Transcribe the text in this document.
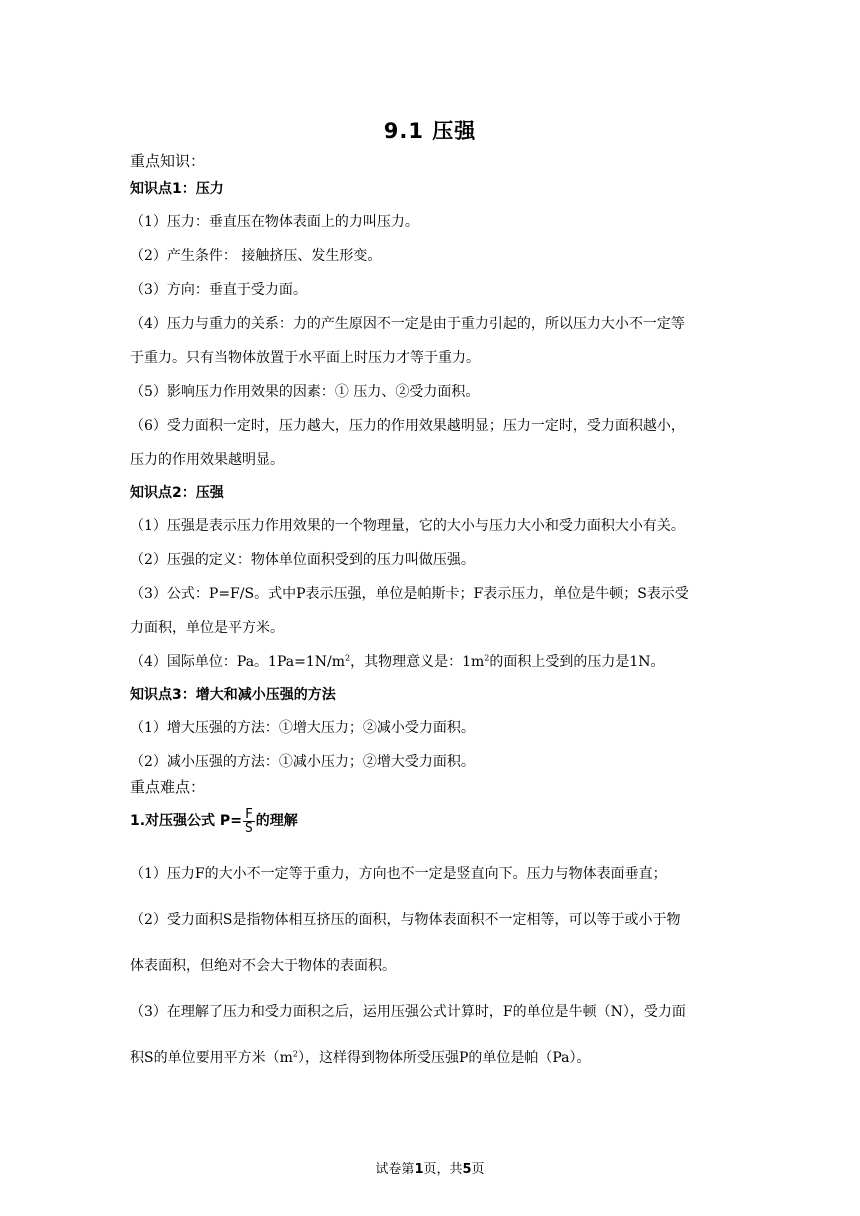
9.1 压强
重点知识：
知识点1：压力
（1）压力：垂直压在物体表面上的力叫压力。
（2）产生条件： 接触挤压、发生形变。
（3）方向：垂直于受力面。
（4）压力与重力的关系：力的产生原因不一定是由于重力引起的，所以压力大小不一定等
于重力。只有当物体放置于水平面上时压力才等于重力。
（5）影响压力作用效果的因素：① 压力、②受力面积。
（6）受力面积一定时，压力越大，压力的作用效果越明显；压力一定时，受力面积越小，
压力的作用效果越明显。
知识点2：压强
（1）压强是表示压力作用效果的一个物理量，它的大小与压力大小和受力面积大小有关。
（2）压强的定义：物体单位面积受到的压力叫做压强。
（3）公式：P=F/S。式中P表示压强，单位是帕斯卡；F表示压力，单位是牛顿；S表示受
力面积，单位是平方米。
（4）国际单位：Pa。$1Pa=1N/m^2$，其物理意义是：$1m^2$的面积上受到的压力是1N。
知识点3：增大和减小压强的方法
（1）增大压强的方法：①增大压力；②减小受力面积。
（2）减小压强的方法：①减小压力；②增大受力面积。
重点难点：
1.对压强公式 $P= \frac{F}{S}$ 的理解
（1）压力F的大小不一定等于重力，方向也不一定是竖直向下。压力与物体表面垂直；
（2）受力面积S是指物体相互挤压的面积，与物体表面积不一定相等，可以等于或小于物
体表面积，但绝对不会大于物体的表面积。
（3）在理解了压力和受力面积之后，运用压强公式计算时，F的单位是牛顿（N），受力面
积S的单位要用平方米$(m^2)$，这样得到物体所受压强P的单位是帕（Pa）。
试卷第1页，共5页
